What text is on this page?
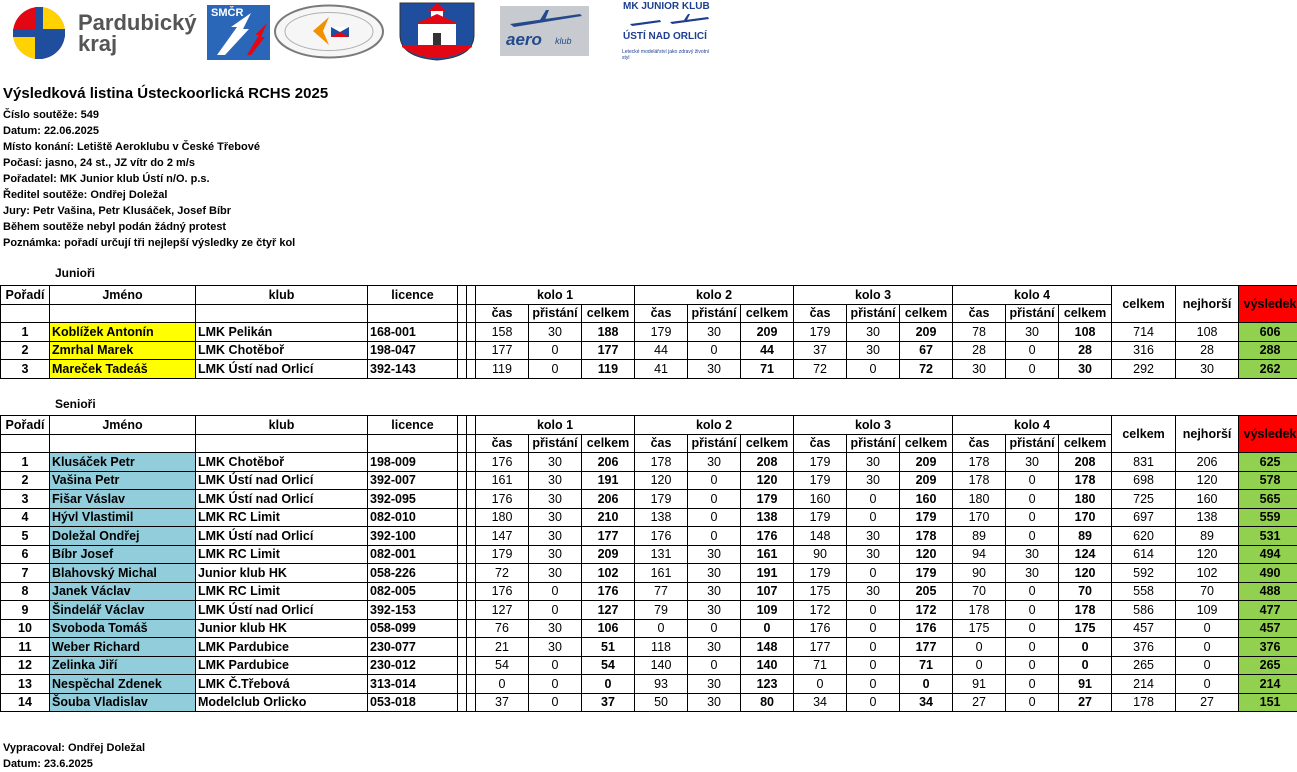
Pardubický
kraj
SMČR
aero klub
MK JUNIOR KLUB
ÚSTÍ NAD ORLICÍ
Letecké modelářství jako zdravý životní styl
Výsledková listina Ústeckoorlická RCHS 2025
Číslo soutěže: 549
Datum: 22.06.2025
Místo konání: Letiště Aeroklubu v České Třebové
Počasí: jasno, 24 st., JZ vítr do 2 m/s
Pořadatel: MK Junior klub Ústí n/O. p.s.
Ředitel soutěže: Ondřej Doležal
Jury: Petr Vašina, Petr Klusáček, Josef Bíbr
Během soutěže nebyl podán žádný protest
Poznámka: pořadí určují tři nejlepší výsledky ze čtyř kol
Junioři
Pořadí	Jméno	klub	licence			kolo 1			kolo 2			kolo 3			kolo 4			celkem	nejhorší	výsledek
						čas	přistání	celkem	čas	přistání	celkem	čas	přistání	celkem	čas	přistání	celkem			
1	Koblížek Antonín	LMK Pelikán	168-001			158	30	188	179	30	209	179	30	209	78	30	108	714	108	606
2	Zmrhal Marek	LMK Chotěboř	198-047			177	0	177	44	0	44	37	30	67	28	0	28	316	28	288
3	Mareček Tadeáš	LMK Ústí nad Orlicí	392-143			119	0	119	41	30	71	72	0	72	30	0	30	292	30	262
Senioři
Pořadí	Jméno	klub	licence			kolo 1			kolo 2			kolo 3			kolo 4			celkem	nejhorší	výsledek
						čas	přistání	celkem	čas	přistání	celkem	čas	přistání	celkem	čas	přistání	celkem			
1	Klusáček Petr	LMK Chotěboř	198-009			176	30	206	178	30	208	179	30	209	178	30	208	831	206	625
2	Vašina Petr	LMK Ústí nad Orlicí	392-007			161	30	191	120	0	120	179	30	209	178	0	178	698	120	578
3	Fišar Váslav	LMK Ústí nad Orlicí	392-095			176	30	206	179	0	179	160	0	160	180	0	180	725	160	565
4	Hývl Vlastimil	LMK RC Limit	082-010			180	30	210	138	0	138	179	0	179	170	0	170	697	138	559
5	Doležal Ondřej	LMK Ústí nad Orlicí	392-100			147	30	177	176	0	176	148	30	178	89	0	89	620	89	531
6	Bíbr Josef	LMK RC Limit	082-001			179	30	209	131	30	161	90	30	120	94	30	124	614	120	494
7	Blahovský Michal	Junior klub HK	058-226			72	30	102	161	30	191	179	0	179	90	30	120	592	102	490
8	Janek Václav	LMK RC Limit	082-005			176	0	176	77	30	107	175	30	205	70	0	70	558	70	488
9	Šindelář Václav	LMK Ústí nad Orlicí	392-153			127	0	127	79	30	109	172	0	172	178	0	178	586	109	477
10	Svoboda Tomáš	Junior klub HK	058-099			76	30	106	0	0	0	176	0	176	175	0	175	457	0	457
11	Weber Richard	LMK Pardubice	230-077			21	30	51	118	30	148	177	0	177	0	0	0	376	0	376
12	Zelinka Jiří	LMK Pardubice	230-012			54	0	54	140	0	140	71	0	71	0	0	0	265	0	265
13	Nespěchal Zdenek	LMK Č.Třebová	313-014			0	0	0	93	30	123	0	0	0	91	0	91	214	0	214
14	Šouba Vladislav	Modelclub Orlicko	053-018			37	0	37	50	30	80	34	0	34	27	0	27	178	27	151
Vypracoval: Ondřej Doležal
Datum: 23.6.2025
